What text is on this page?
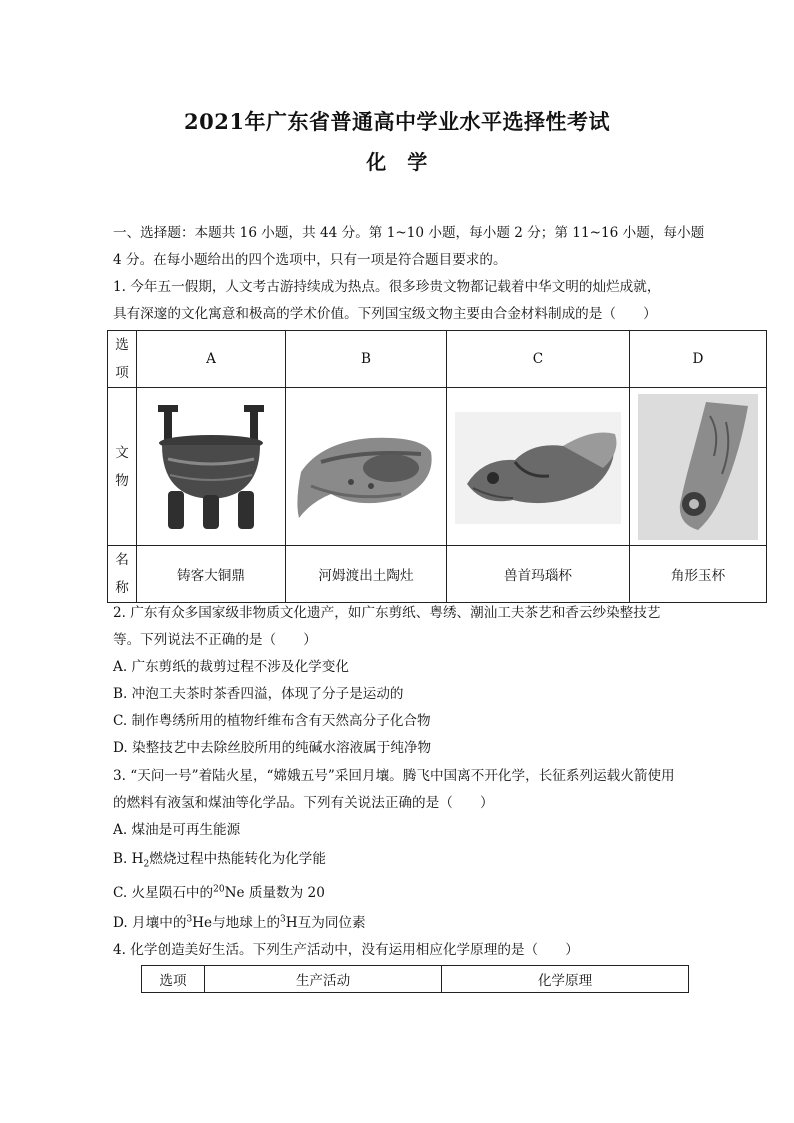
2021年广东省普通高中学业水平选择性考试
化　学
一、选择题：本题共 16 小题，共 44 分。第 1~10 小题，每小题 2 分；第 11~16 小题，每小题
4 分。在每小题给出的四个选项中，只有一项是符合题目要求的。
1. 今年五一假期，人文考古游持续成为热点。很多珍贵文物都记载着中华文明的灿烂成就，
具有深邃的文化寓意和极高的学术价值。下列国宝级文物主要由合金材料制成的是（　　）
选
项	A	B	C	D

文
物

名
称	铸客大铜鼎	河姆渡出土陶灶	兽首玛瑙杯	角形玉杯
2. 广东有众多国家级非物质文化遗产，如广东剪纸、粤绣、潮汕工夫茶艺和香云纱染整技艺
等。下列说法不正确的是（　　）
A. 广东剪纸的裁剪过程不涉及化学变化
B. 冲泡工夫茶时茶香四溢，体现了分子是运动的
C. 制作粤绣所用的植物纤维布含有天然高分子化合物
D. 染整技艺中去除丝胶所用的纯碱水溶液属于纯净物
3. “天问一号”着陆火星，“嫦娥五号”采回月壤。腾飞中国离不开化学，长征系列运载火箭使用
的燃料有液氢和煤油等化学品。下列有关说法正确的是（　　）
A. 煤油是可再生能源
B. $H_2$燃烧过程中热能转化为化学能
C. 火星陨石中的$^{20}$Ne 质量数为 20
D. 月壤中的$^3$He与地球上的$^3$H互为同位素
4. 化学创造美好生活。下列生产活动中，没有运用相应化学原理的是（　　）
选项	生产活动	化学原理
